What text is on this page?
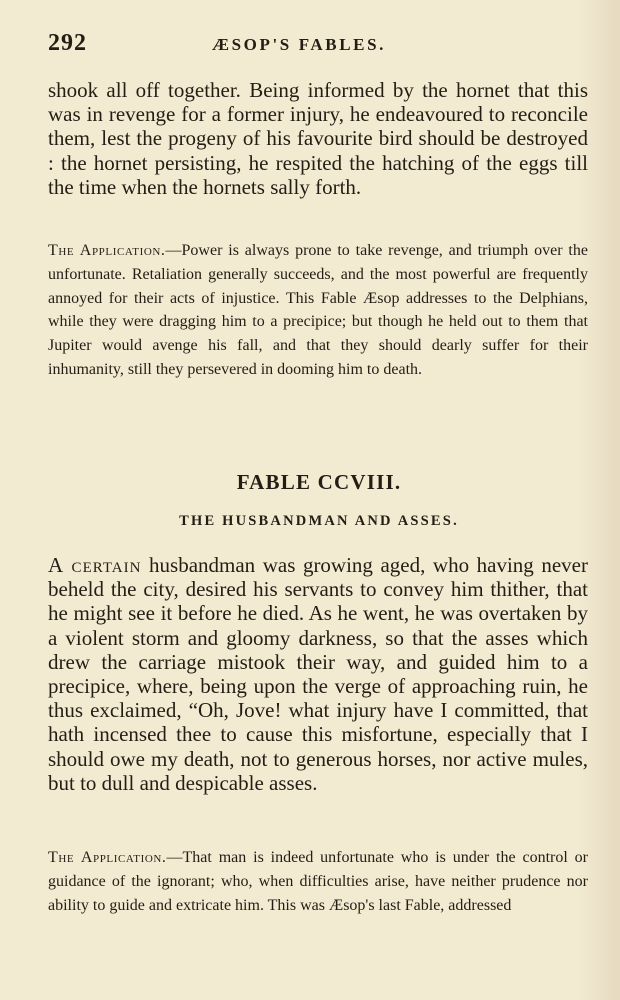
292	ÆSOP'S FABLES.

shook all off together. Being informed by the hornet that this was in revenge for a former injury, he endeavoured to reconcile them, lest the progeny of his favourite bird should be destroyed : the hornet persisting, he respited the hatching of the eggs till the time when the hornets sally forth.

The Application.—Power is always prone to take revenge, and triumph over the unfortunate. Retaliation generally succeeds, and the most powerful are frequently annoyed for their acts of injustice. This Fable Æsop addresses to the Delphians, while they were dragging him to a precipice; but though he held out to them that Jupiter would avenge his fall, and that they should dearly suffer for their inhumanity, still they persevered in dooming him to death.

FABLE CCVIII.
THE HUSBANDMAN AND ASSES.

A certain husbandman was growing aged, who having never beheld the city, desired his servants to convey him thither, that he might see it before he died. As he went, he was overtaken by a violent storm and gloomy darkness, so that the asses which drew the carriage mistook their way, and guided him to a precipice, where, being upon the verge of approaching ruin, he thus exclaimed, “Oh, Jove! what injury have I committed, that hath incensed thee to cause this misfortune, especially that I should owe my death, not to generous horses, nor active mules, but to dull and despicable asses.

The Application.—That man is indeed unfortunate who is under the control or guidance of the ignorant; who, when difficulties arise, have neither prudence nor ability to guide and extricate him. This was Æsop's last Fable, addressed
